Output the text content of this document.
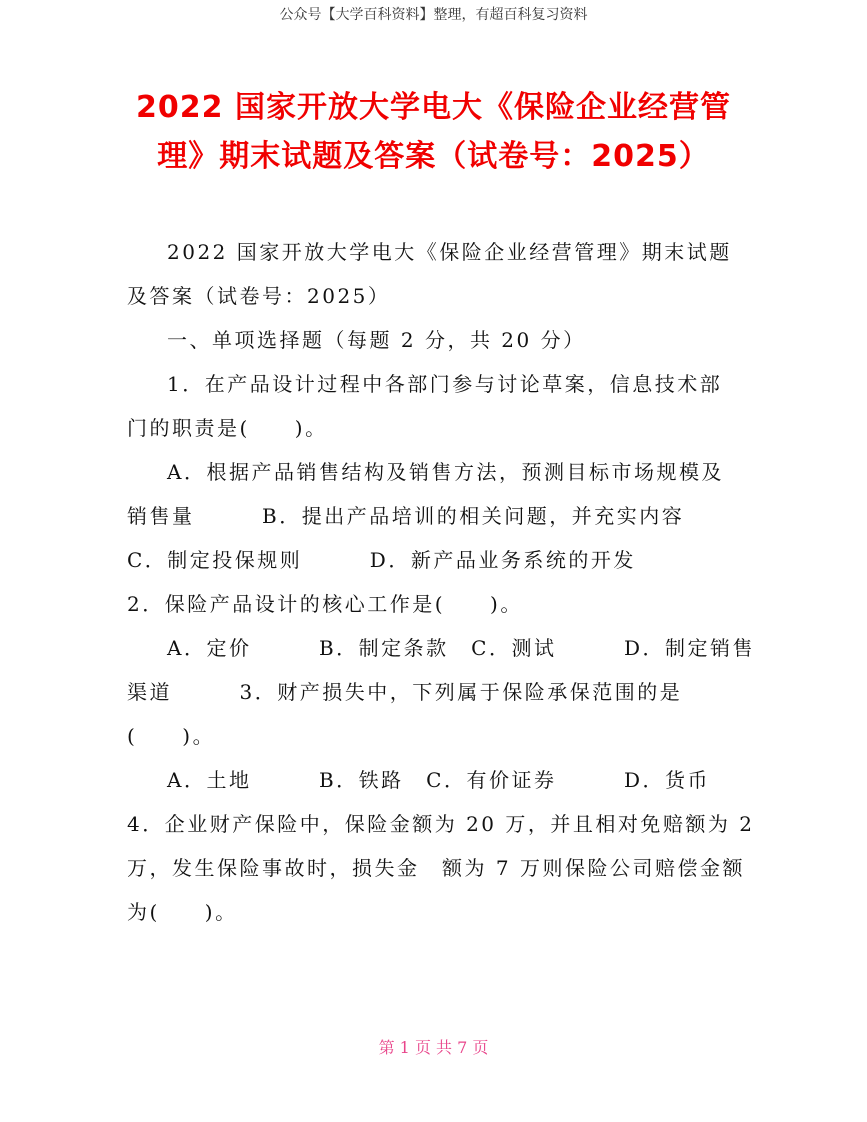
公众号【大学百科资料】整理，有超百科复习资料
2022 国家开放大学电大《保险企业经营管
理》期末试题及答案（试卷号：2025）
2022 国家开放大学电大《保险企业经营管理》期末试题
及答案（试卷号：2025）
一、单项选择题（每题 2 分，共 20 分）
1．在产品设计过程中各部门参与讨论草案，信息技术部
门的职责是(　　)。
A．根据产品销售结构及销售方法，预测目标市场规模及
销售量　　　B．提出产品培训的相关问题，并充实内容
C．制定投保规则　　　D．新产品业务系统的开发
2．保险产品设计的核心工作是(　　)。
A．定价　　　B．制定条款　C．测试　　　D．制定销售
渠道　　　3．财产损失中，下列属于保险承保范围的是
(　　)。
A．土地　　　B．铁路　C．有价证券　　　D．货币
4．企业财产保险中，保险金额为 20 万，并且相对免赔额为 2
万，发生保险事故时，损失金　额为 7 万则保险公司赔偿金额
为(　　)。
第 1 页 共 7 页
